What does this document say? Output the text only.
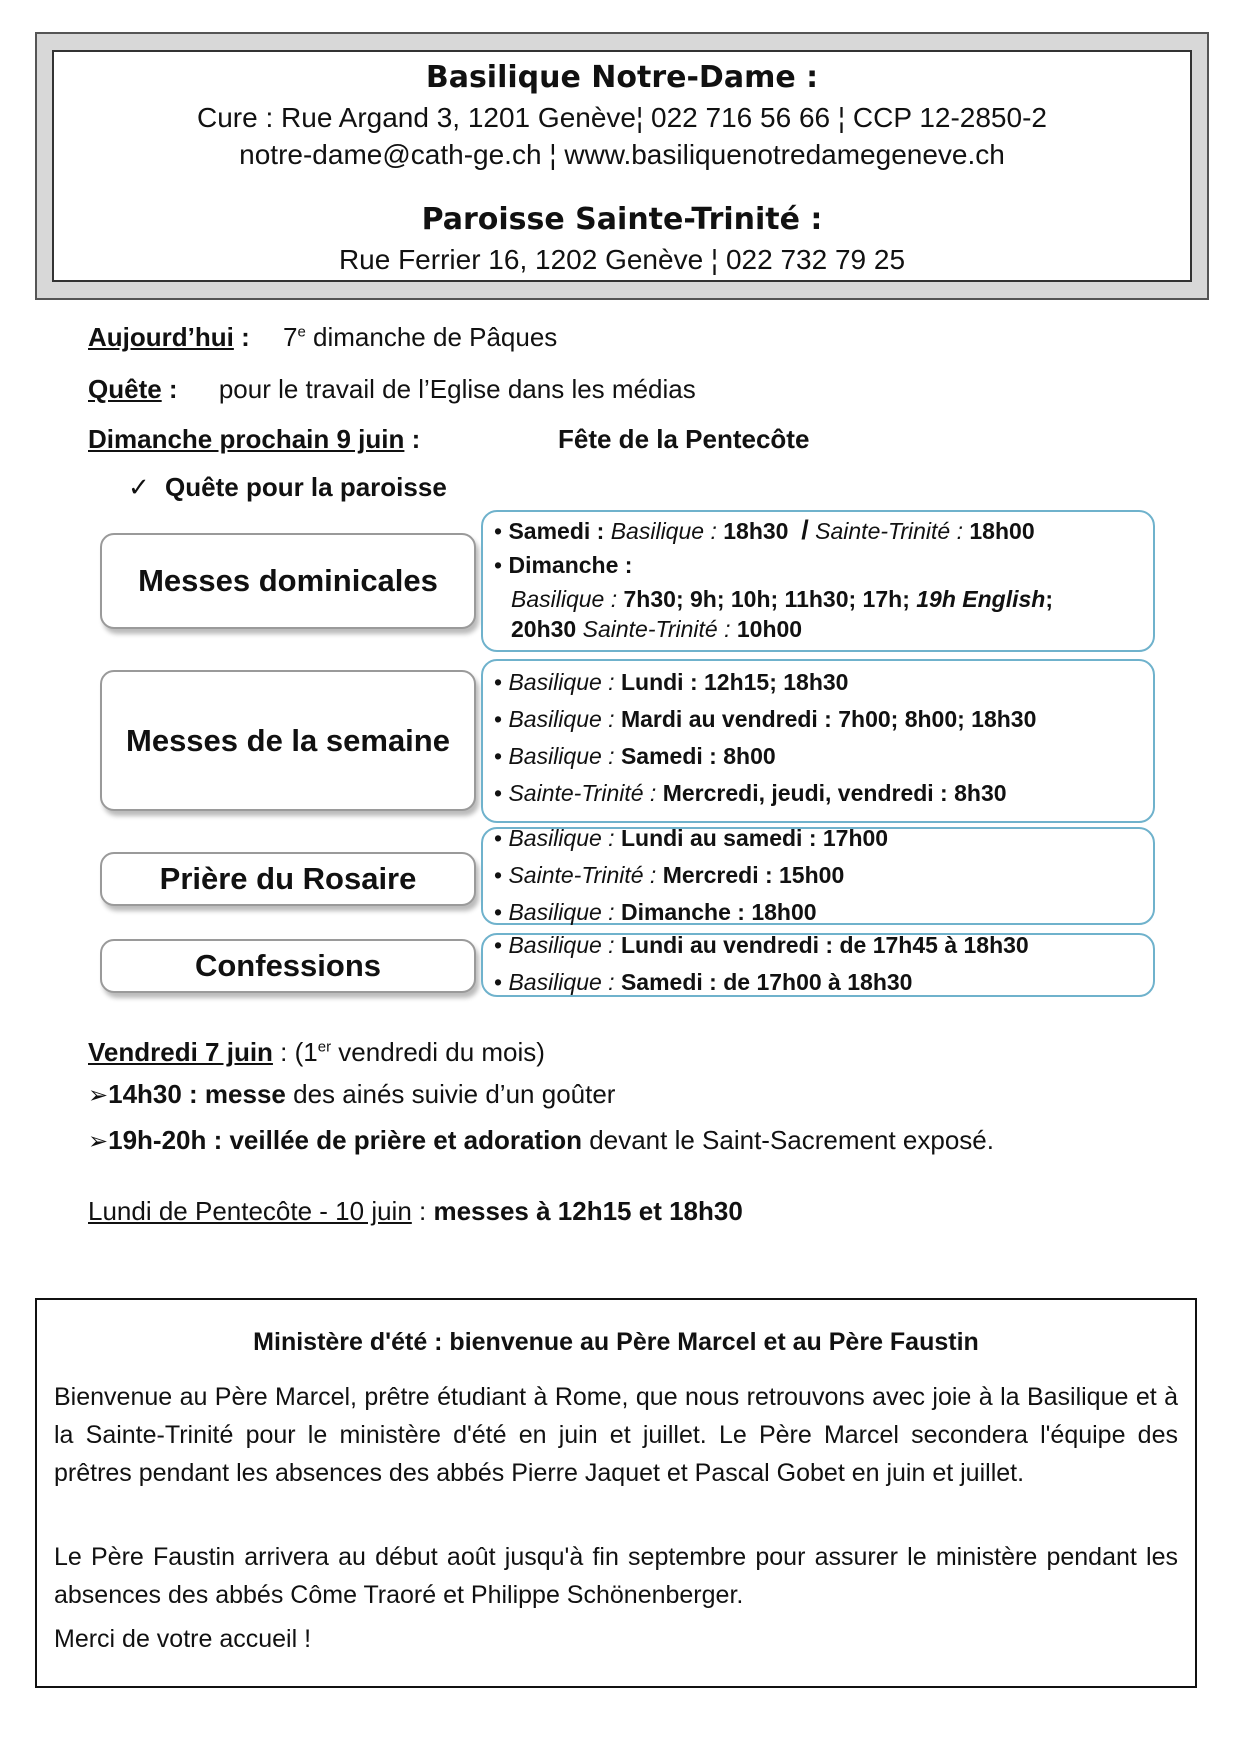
Basilique Notre-Dame :
Cure : Rue Argand 3, 1201 Genève¦ 022 716 56 66 ¦ CCP 12-2850-2
notre-dame@cath-ge.ch ¦ www.basiliquenotredamegeneve.ch
Paroisse Sainte-Trinité :
Rue Ferrier 16, 1202 Genève ¦ 022 732 79 25
Aujourd’hui : 7e dimanche de Pâques
Quête : pour le travail de l’Eglise dans les médias
Dimanche prochain 9 juin :	Fête de la Pentecôte
✓ Quête pour la paroisse
Messes dominicales
• Samedi : Basilique : 18h30 / Sainte-Trinité : 18h00
• Dimanche :
Basilique : 7h30; 9h; 10h; 11h30; 17h; 19h English;
20h30 Sainte-Trinité : 10h00
Messes de la semaine
• Basilique : Lundi : 12h15; 18h30
• Basilique : Mardi au vendredi : 7h00; 8h00; 18h30
• Basilique : Samedi : 8h00
• Sainte-Trinité : Mercredi, jeudi, vendredi : 8h30
Prière du Rosaire
• Basilique : Lundi au samedi : 17h00
• Sainte-Trinité : Mercredi : 15h00
• Basilique : Dimanche : 18h00
Confessions
• Basilique : Lundi au vendredi : de 17h45 à 18h30
• Basilique : Samedi : de 17h00 à 18h30
Vendredi 7 juin : (1er vendredi du mois)
➢14h30 : messe des ainés suivie d’un goûter
➢19h-20h : veillée de prière et adoration devant le Saint-Sacrement exposé.
Lundi de Pentecôte - 10 juin : messes à 12h15 et 18h30
Ministère d'été : bienvenue au Père Marcel et au Père Faustin
Bienvenue au Père Marcel, prêtre étudiant à Rome, que nous retrouvons avec joie à la Basilique et à la Sainte-Trinité pour le ministère d'été en juin et juillet. Le Père Marcel secondera l'équipe des prêtres pendant les absences des abbés Pierre Jaquet et Pascal Gobet en juin et juillet.
Le Père Faustin arrivera au début août jusqu'à fin septembre pour assurer le ministère pendant les absences des abbés Côme Traoré et Philippe Schönenberger.
Merci de votre accueil !
